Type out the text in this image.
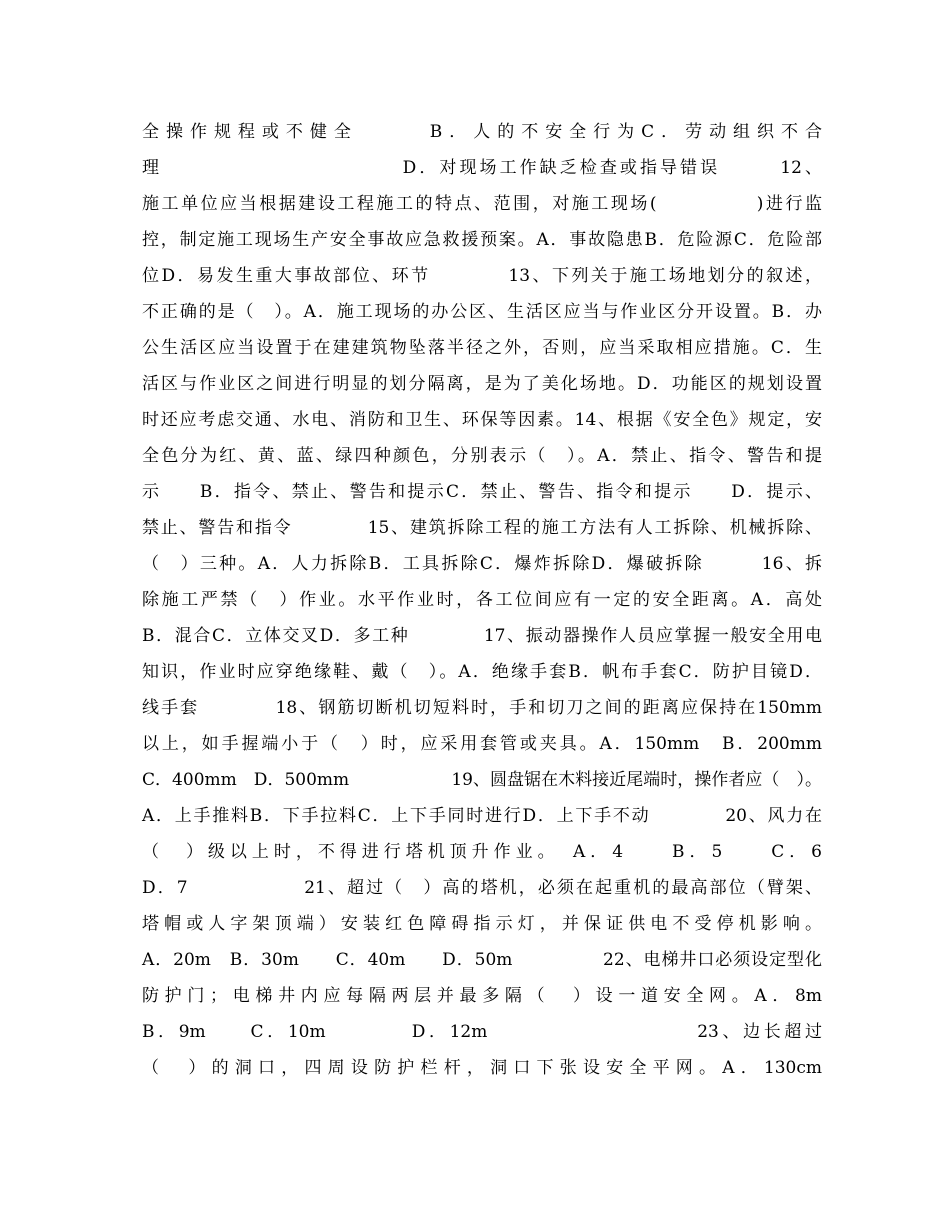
全操作规程或不健全　　　B．人的不安全行为C．劳动组织不合
理　　　　　　　　　　　　D．对现场工作缺乏检查或指导错误　　　12、
施工单位应当根据建设工程施工的特点、范围，对施工现场(　　　　　)进行监
控，制定施工现场生产安全事故应急救援预案。A．事故隐患B．危险源C．危险部
位D．易发生重大事故部位、环节　　　　13、下列关于施工场地划分的叙述，
不正确的是（　）。A．施工现场的办公区、生活区应当与作业区分开设置。B．办
公生活区应当设置于在建建筑物坠落半径之外，否则，应当采取相应措施。C．生
活区与作业区之间进行明显的划分隔离，是为了美化场地。D．功能区的规划设置
时还应考虑交通、水电、消防和卫生、环保等因素。14、根据《安全色》规定，安
全色分为红、黄、蓝、绿四种颜色，分别表示（　）。A．禁止、指令、警告和提
示　　B．指令、禁止、警告和提示C．禁止、警告、指令和提示　　D．提示、
禁止、警告和指令　　　　15、建筑拆除工程的施工方法有人工拆除、机械拆除、
（　）三种。A．人力拆除B．工具拆除C．爆炸拆除D．爆破拆除　　　16、拆
除施工严禁（　）作业。水平作业时，各工位间应有一定的安全距离。A．高处
B．混合C．立体交叉D．多工种　　　　17、振动器操作人员应掌握一般安全用电
知识，作业时应穿绝缘鞋、戴（　）。A．绝缘手套B．帆布手套C．防护目镜D．
线手套　　　　18、钢筋切断机切短料时，手和切刀之间的距离应保持在150mm
以上，如手握端小于（　）时，应采用套管或夹具。A．150mm　B．200mm
C．400mm　D．500mm　　　　　　19、圆盘锯在木料接近尾端时，操作者应（　）。
A．上手推料B．下手拉料C．上下手同时进行D．上下手不动　　　　20、风力在
（　）级以上时，不得进行塔机顶升作业。　A．4　　B．5　　C．6
D．7　　　　　　21、超过（　）高的塔机，必须在起重机的最高部位（臂架、
塔帽或人字架顶端）安装红色障碍指示灯，并保证供电不受停机影响。
A．20m　B．30m　　C．40m　　D．50m　　　　　22、电梯井口必须设定型化
防护门；电梯井内应每隔两层并最多隔（　）设一道安全网。A．8m
B．9m　　C．10m　　　　D．12m　　　　　　　　　　23、边长超过
（　）的洞口，四周设防护栏杆，洞口下张设安全平网。A．130cm
